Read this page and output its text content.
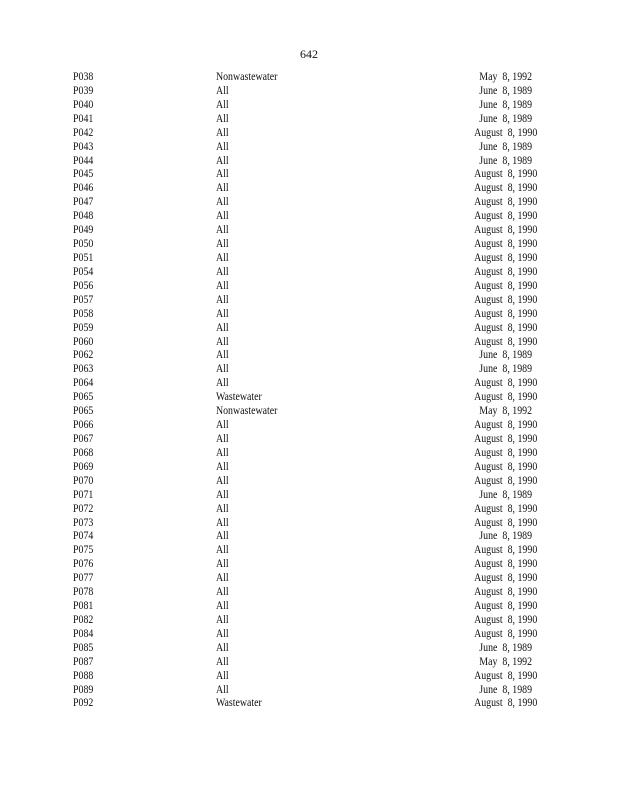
642
P038	Nonwastewater	May  8, 1992
P039	All	June  8, 1989
P040	All	June  8, 1989
P041	All	June  8, 1989
P042	All	August  8, 1990
P043	All	June  8, 1989
P044	All	June  8, 1989
P045	All	August  8, 1990
P046	All	August  8, 1990
P047	All	August  8, 1990
P048	All	August  8, 1990
P049	All	August  8, 1990
P050	All	August  8, 1990
P051	All	August  8, 1990
P054	All	August  8, 1990
P056	All	August  8, 1990
P057	All	August  8, 1990
P058	All	August  8, 1990
P059	All	August  8, 1990
P060	All	August  8, 1990
P062	All	June  8, 1989
P063	All	June  8, 1989
P064	All	August  8, 1990
P065	Wastewater	August  8, 1990
P065	Nonwastewater	May  8, 1992
P066	All	August  8, 1990
P067	All	August  8, 1990
P068	All	August  8, 1990
P069	All	August  8, 1990
P070	All	August  8, 1990
P071	All	June  8, 1989
P072	All	August  8, 1990
P073	All	August  8, 1990
P074	All	June  8, 1989
P075	All	August  8, 1990
P076	All	August  8, 1990
P077	All	August  8, 1990
P078	All	August  8, 1990
P081	All	August  8, 1990
P082	All	August  8, 1990
P084	All	August  8, 1990
P085	All	June  8, 1989
P087	All	May  8, 1992
P088	All	August  8, 1990
P089	All	June  8, 1989
P092	Wastewater	August  8, 1990
